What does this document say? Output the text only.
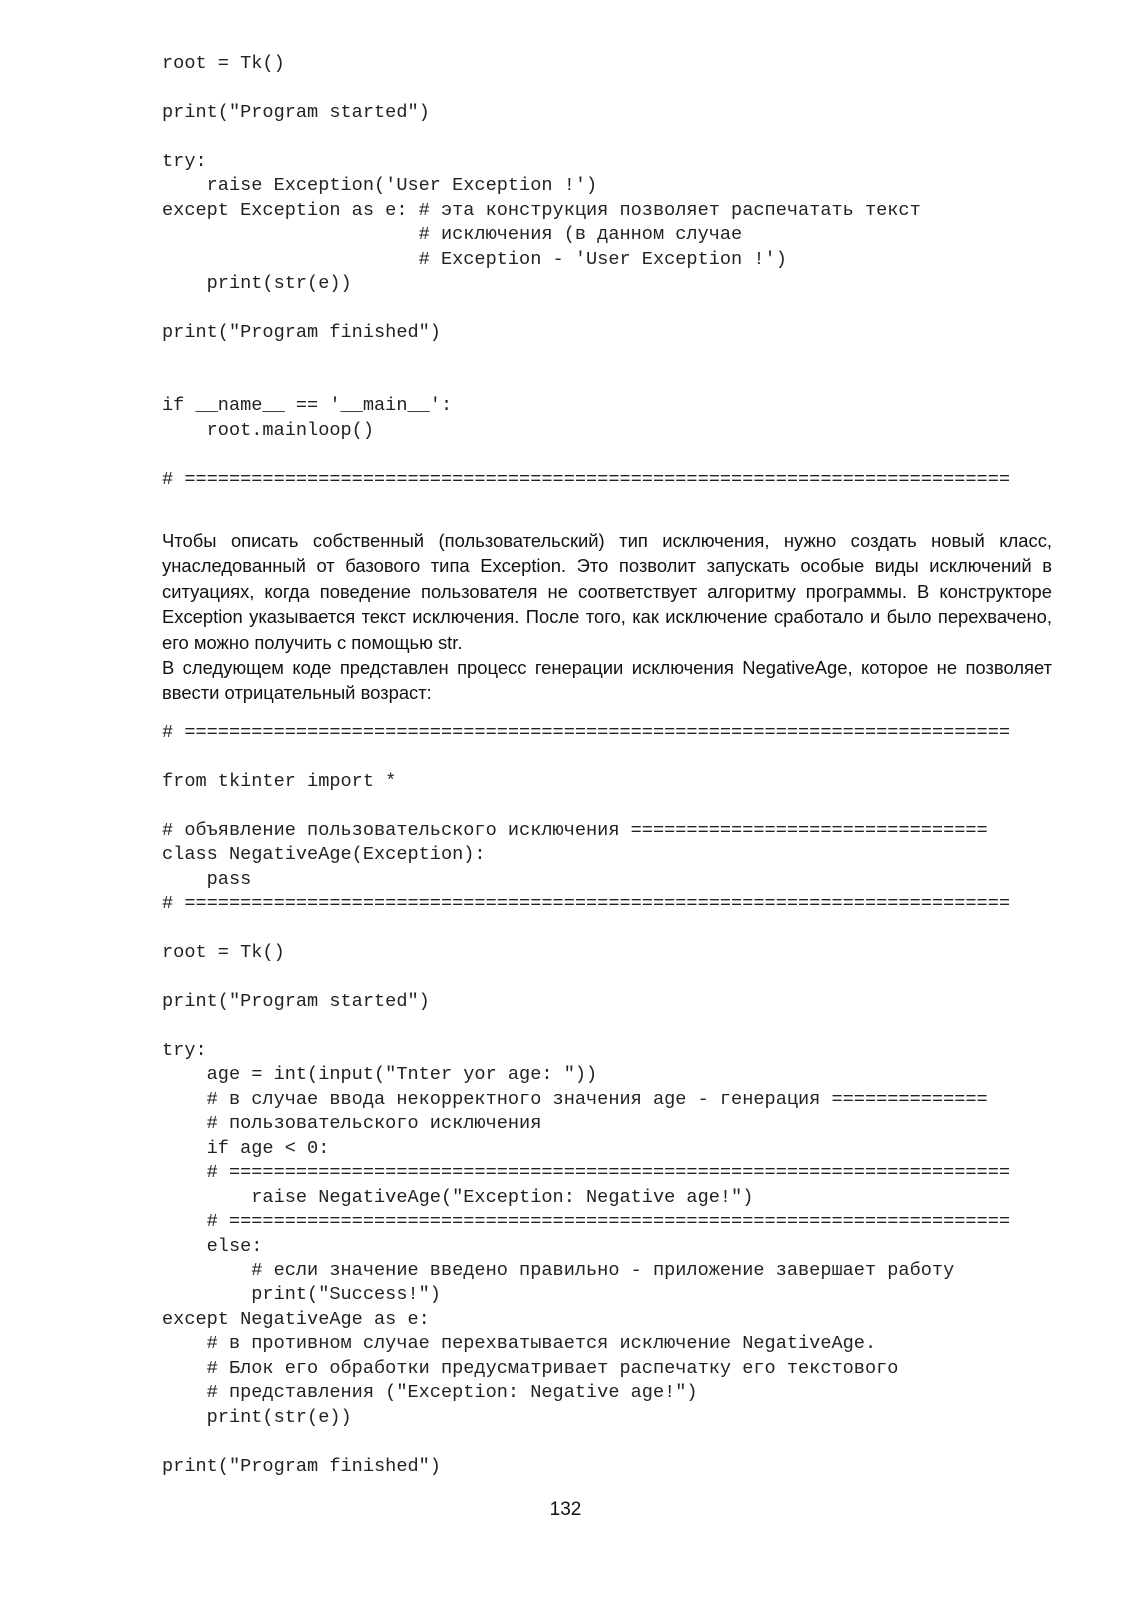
root = Tk()

print("Program started")

try:
raise Exception('User Exception !')
except Exception as e: # эта конструкция позволяет распечатать текст
# исключения (в данном случае
# Exception - 'User Exception !')
print(str(e))

print("Program finished")

if __name__ == '__main__':
root.mainloop()

# ==========================================================================

Чтобы описать собственный (пользовательский) тип исключения, нужно создать новый класс, унаследованный от базового типа Exception. Это позволит запускать особые виды исключений в ситуациях, когда поведение пользователя не соответствует алгоритму программы. В конструкторе Exception указывается текст исключения. После того, как исключение сработало и было перехвачено, его можно получить с помощью str.

В следующем коде представлен процесс генерации исключения NegativeAge, которое не позволяет ввести отрицательный возраст:

# ==========================================================================

from tkinter import *

# объявление пользовательского исключения ================================
class NegativeAge(Exception):
pass
# ==========================================================================

root = Tk()

print("Program started")

try:
age = int(input("Tnter yor age: "))
# в случае ввода некорректного значения age - генерация ==============
# пользовательского исключения
if age < 0:
# ======================================================================
raise NegativeAge("Exception: Negative age!")
# ======================================================================
else:
# если значение введено правильно - приложение завершает работу
print("Success!")
except NegativeAge as e:
# в противном случае перехватывается исключение NegativeAge.
# Блок его обработки предусматривает распечатку его текстового
# представления ("Exception: Negative age!")
print(str(e))

print("Program finished")
132
